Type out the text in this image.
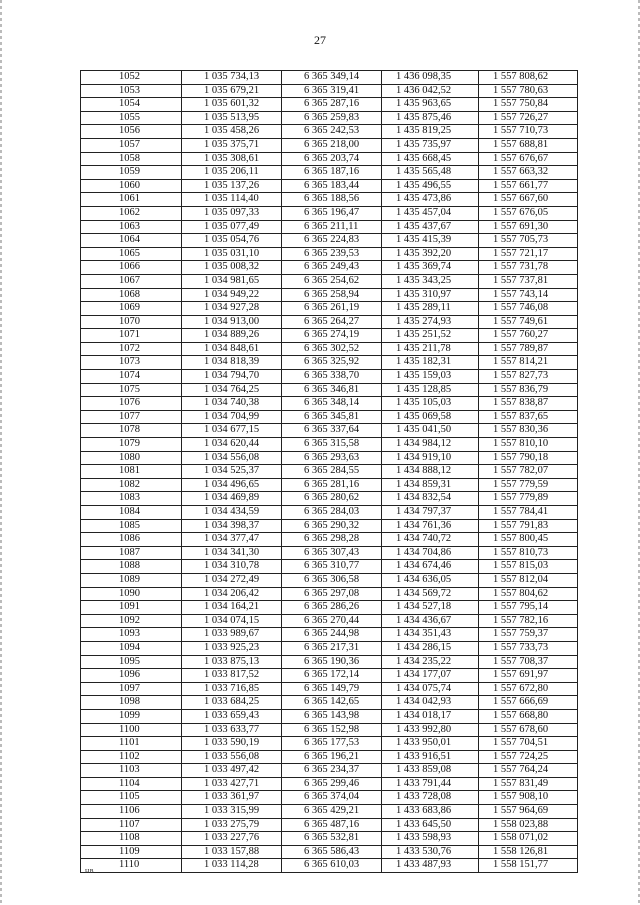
27
1052	1 035 734,13	6 365 349,14	1 436 098,35	1 557 808,62
1053	1 035 679,21	6 365 319,41	1 436 042,52	1 557 780,63
1054	1 035 601,32	6 365 287,16	1 435 963,65	1 557 750,84
1055	1 035 513,95	6 365 259,83	1 435 875,46	1 557 726,27
1056	1 035 458,26	6 365 242,53	1 435 819,25	1 557 710,73
1057	1 035 375,71	6 365 218,00	1 435 735,97	1 557 688,81
1058	1 035 308,61	6 365 203,74	1 435 668,45	1 557 676,67
1059	1 035 206,11	6 365 187,16	1 435 565,48	1 557 663,32
1060	1 035 137,26	6 365 183,44	1 435 496,55	1 557 661,77
1061	1 035 114,40	6 365 188,56	1 435 473,86	1 557 667,60
1062	1 035 097,33	6 365 196,47	1 435 457,04	1 557 676,05
1063	1 035 077,49	6 365 211,11	1 435 437,67	1 557 691,30
1064	1 035 054,76	6 365 224,83	1 435 415,39	1 557 705,73
1065	1 035 031,10	6 365 239,53	1 435 392,20	1 557 721,17
1066	1 035 008,32	6 365 249,43	1 435 369,74	1 557 731,78
1067	1 034 981,65	6 365 254,62	1 435 343,25	1 557 737,81
1068	1 034 949,22	6 365 258,94	1 435 310,97	1 557 743,14
1069	1 034 927,28	6 365 261,19	1 435 289,11	1 557 746,08
1070	1 034 913,00	6 365 264,27	1 435 274,93	1 557 749,61
1071	1 034 889,26	6 365 274,19	1 435 251,52	1 557 760,27
1072	1 034 848,61	6 365 302,52	1 435 211,78	1 557 789,87
1073	1 034 818,39	6 365 325,92	1 435 182,31	1 557 814,21
1074	1 034 794,70	6 365 338,70	1 435 159,03	1 557 827,73
1075	1 034 764,25	6 365 346,81	1 435 128,85	1 557 836,79
1076	1 034 740,38	6 365 348,14	1 435 105,03	1 557 838,87
1077	1 034 704,99	6 365 345,81	1 435 069,58	1 557 837,65
1078	1 034 677,15	6 365 337,64	1 435 041,50	1 557 830,36
1079	1 034 620,44	6 365 315,58	1 434 984,12	1 557 810,10
1080	1 034 556,08	6 365 293,63	1 434 919,10	1 557 790,18
1081	1 034 525,37	6 365 284,55	1 434 888,12	1 557 782,07
1082	1 034 496,65	6 365 281,16	1 434 859,31	1 557 779,59
1083	1 034 469,89	6 365 280,62	1 434 832,54	1 557 779,89
1084	1 034 434,59	6 365 284,03	1 434 797,37	1 557 784,41
1085	1 034 398,37	6 365 290,32	1 434 761,36	1 557 791,83
1086	1 034 377,47	6 365 298,28	1 434 740,72	1 557 800,45
1087	1 034 341,30	6 365 307,43	1 434 704,86	1 557 810,73
1088	1 034 310,78	6 365 310,77	1 434 674,46	1 557 815,03
1089	1 034 272,49	6 365 306,58	1 434 636,05	1 557 812,04
1090	1 034 206,42	6 365 297,08	1 434 569,72	1 557 804,62
1091	1 034 164,21	6 365 286,26	1 434 527,18	1 557 795,14
1092	1 034 074,15	6 365 270,44	1 434 436,67	1 557 782,16
1093	1 033 989,67	6 365 244,98	1 434 351,43	1 557 759,37
1094	1 033 925,23	6 365 217,31	1 434 286,15	1 557 733,73
1095	1 033 875,13	6 365 190,36	1 434 235,22	1 557 708,37
1096	1 033 817,52	6 365 172,14	1 434 177,07	1 557 691,97
1097	1 033 716,85	6 365 149,79	1 434 075,74	1 557 672,80
1098	1 033 684,25	6 365 142,65	1 434 042,93	1 557 666,69
1099	1 033 659,43	6 365 143,98	1 434 018,17	1 557 668,80
1100	1 033 633,77	6 365 152,98	1 433 992,80	1 557 678,60
1101	1 033 590,19	6 365 177,53	1 433 950,01	1 557 704,51
1102	1 033 556,08	6 365 196,21	1 433 916,51	1 557 724,25
1103	1 033 497,42	6 365 234,37	1 433 859,08	1 557 764,24
1104	1 033 427,71	6 365 299,46	1 433 791,44	1 557 831,49
1105	1 033 361,97	6 365 374,04	1 433 728,08	1 557 908,10
1106	1 033 315,99	6 365 429,21	1 433 683,86	1 557 964,69
1107	1 033 275,79	6 365 487,16	1 433 645,50	1 558 023,88
1108	1 033 227,76	6 365 532,81	1 433 598,93	1 558 071,02
1109	1 033 157,88	6 365 586,43	1 433 530,76	1 558 126,81
1110	1 033 114,28	6 365 610,03	1 433 487,93	1 558 151,77
нв
